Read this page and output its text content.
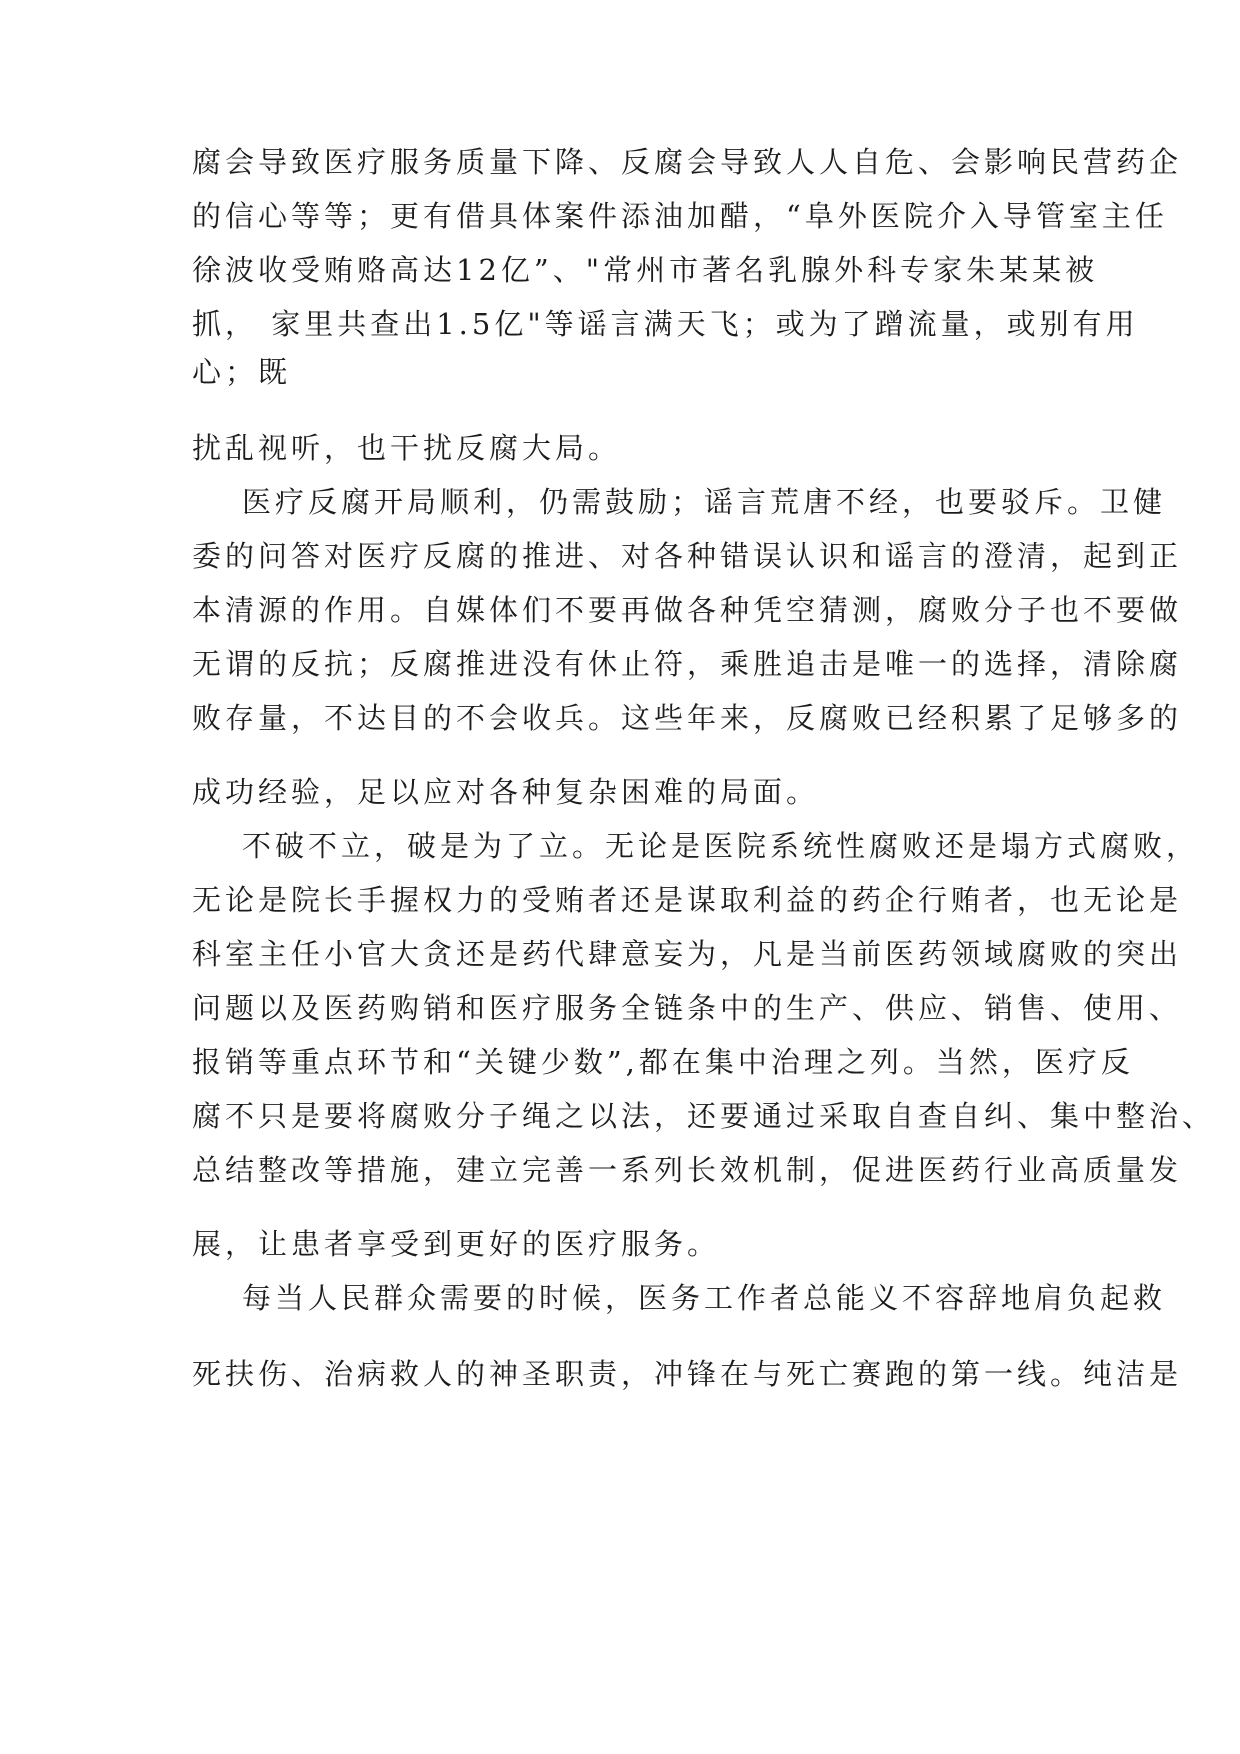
腐会导致医疗服务质量下降、反腐会导致人人自危、会影响民营药企
的信心等等；更有借具体案件添油加醋，“阜外医院介入导管室主任
徐波收受贿赂高达12亿”、"常州市著名乳腺外科专家朱某某被
抓， 家里共查出1.5亿"等谣言满天飞；或为了蹭流量，或别有用
心；既
扰乱视听，也干扰反腐大局。
医疗反腐开局顺利，仍需鼓励；谣言荒唐不经，也要驳斥。卫健
委的问答对医疗反腐的推进、对各种错误认识和谣言的澄清，起到正
本清源的作用。自媒体们不要再做各种凭空猜测，腐败分子也不要做
无谓的反抗；反腐推进没有休止符，乘胜追击是唯一的选择，清除腐
败存量，不达目的不会收兵。这些年来，反腐败已经积累了足够多的
成功经验，足以应对各种复杂困难的局面。
不破不立，破是为了立。无论是医院系统性腐败还是塌方式腐败，
无论是院长手握权力的受贿者还是谋取利益的药企行贿者，也无论是
科室主任小官大贪还是药代肆意妄为，凡是当前医药领域腐败的突出
问题以及医药购销和医疗服务全链条中的生产、供应、销售、使用、
报销等重点环节和“关键少数”,都在集中治理之列。当然，医疗反
腐不只是要将腐败分子绳之以法，还要通过采取自查自纠、集中整治、
总结整改等措施，建立完善一系列长效机制，促进医药行业高质量发
展，让患者享受到更好的医疗服务。
每当人民群众需要的时候，医务工作者总能义不容辞地肩负起救
死扶伤、治病救人的神圣职责，冲锋在与死亡赛跑的第一线。纯洁是
